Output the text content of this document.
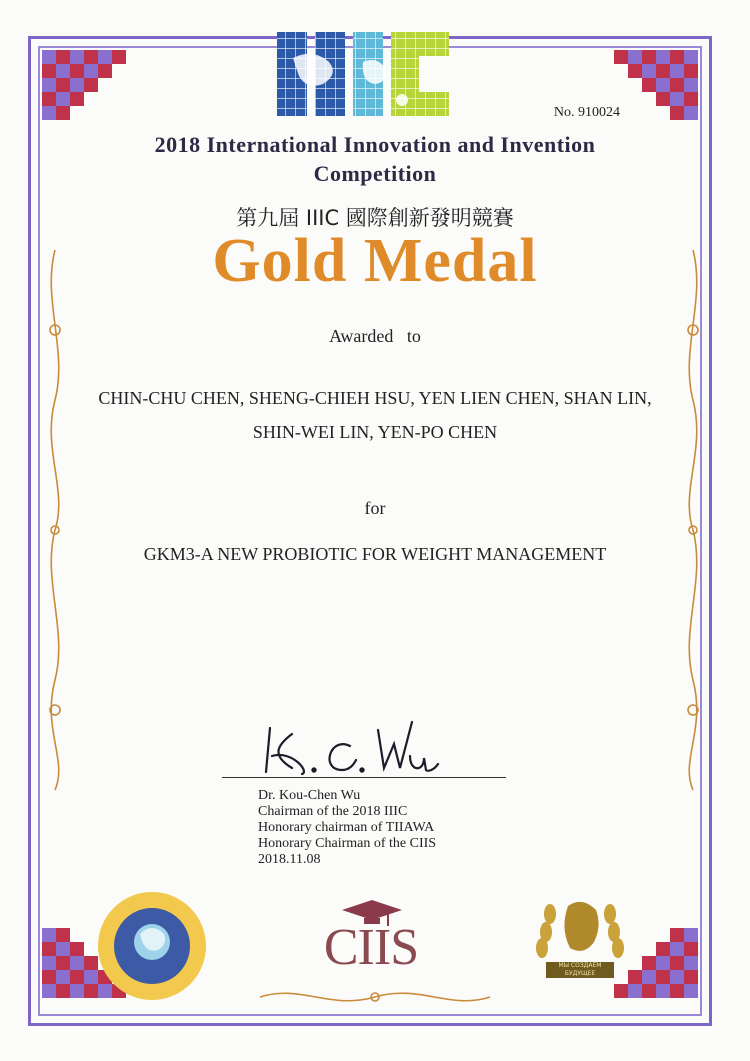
No. 910024
2018 International Innovation and Invention
Competition
第九屆 IIIC 國際創新發明競賽
Gold Medal
Awarded   to
CHIN-CHU CHEN, SHENG-CHIEH HSU, YEN LIEN CHEN, SHAN LIN,
SHIN-WEI LIN, YEN-PO CHEN
for
GKM3-A NEW PROBIOTIC FOR WEIGHT MANAGEMENT
Dr. Kou-Chen Wu
Chairman of the 2018 IIIC
Honorary chairman of TIIAWA
Honorary Chairman of the CIIS
2018.11.08
CIIS	МЫ СОЗДАЕМ БУДУЩЕЕ
